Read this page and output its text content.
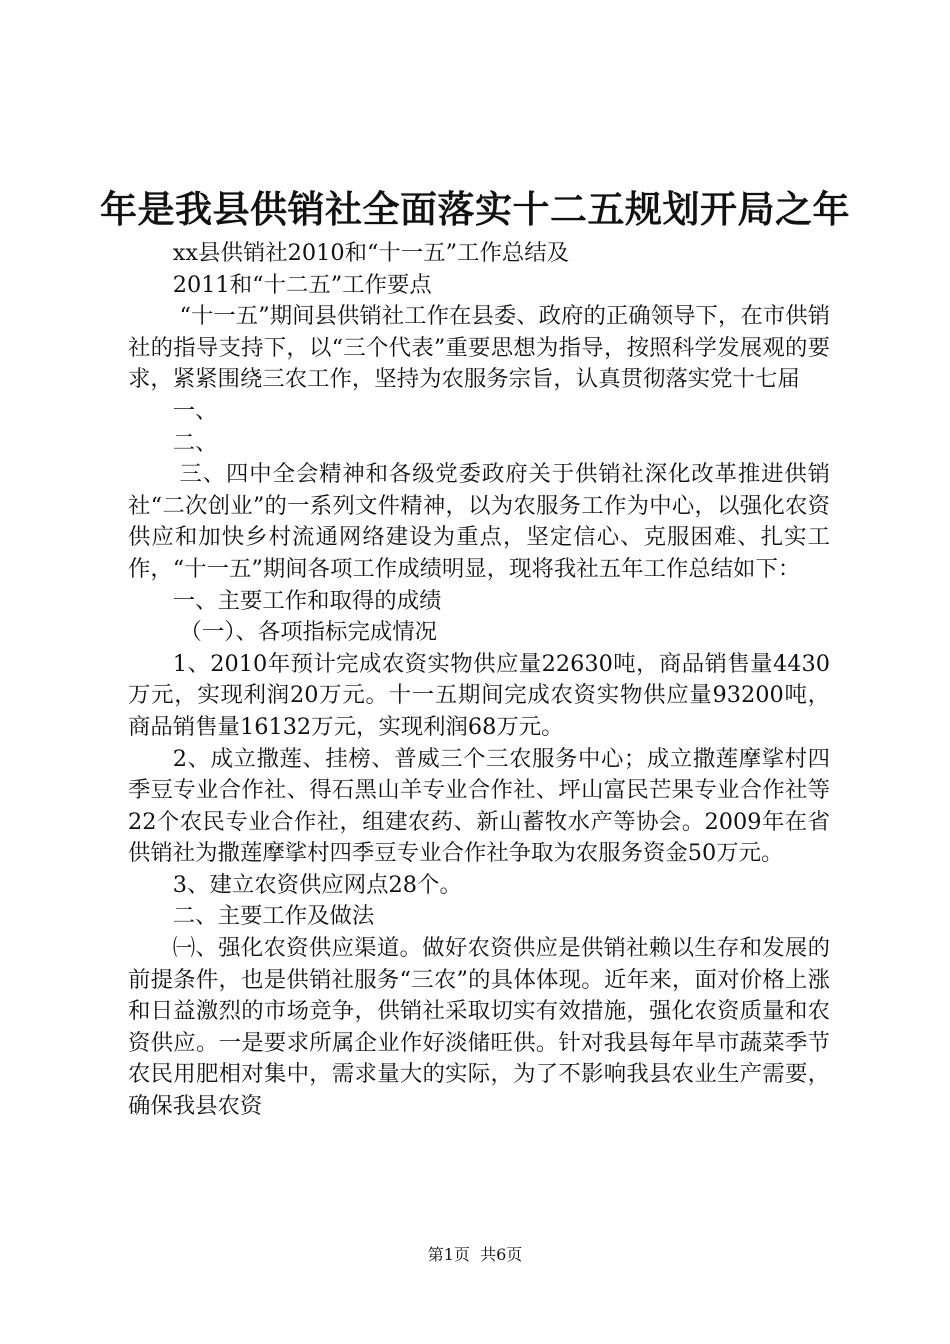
年是我县供销社全面落实十二五规划开局之年

xx县供销社2010和“十一五”工作总结及

2011和“十二五”工作要点

“十一五”期间县供销社工作在县委、政府的正确领导下，在市供销社的指导支持下，以“三个代表”重要思想为指导，按照科学发展观的要求，紧紧围绕三农工作，坚持为农服务宗旨，认真贯彻落实党十七届

一、

二、

三、四中全会精神和各级党委政府关于供销社深化改革推进供销社“二次创业”的一系列文件精神，以为农服务工作为中心，以强化农资供应和加快乡村流通网络建设为重点，坚定信心、克服困难、扎实工作，“十一五”期间各项工作成绩明显，现将我社五年工作总结如下：

一、主要工作和取得的成绩

（一）、各项指标完成情况

1、2010年预计完成农资实物供应量22630吨，商品销售量4430万元，实现利润20万元。十一五期间完成农资实物供应量93200吨，商品销售量16132万元，实现利润68万元。

2、成立撒莲、挂榜、普威三个三农服务中心；成立撒莲摩挲村四季豆专业合作社、得石黑山羊专业合作社、坪山富民芒果专业合作社等22个农民专业合作社，组建农药、新山蓄牧水产等协会。2009年在省供销社为撒莲摩挲村四季豆专业合作社争取为农服务资金50万元。

3、建立农资供应网点28个。

二、主要工作及做法

㈠、强化农资供应渠道。做好农资供应是供销社赖以生存和发展的前提条件，也是供销社服务“三农”的具体体现。近年来，面对价格上涨和日益激烈的市场竞争，供销社采取切实有效措施，强化农资质量和农资供应。一是要求所属企业作好淡储旺供。针对我县每年旱市蔬菜季节农民用肥相对集中，需求量大的实际，为了不影响我县农业生产需要，确保我县农资

第1页  共6页
